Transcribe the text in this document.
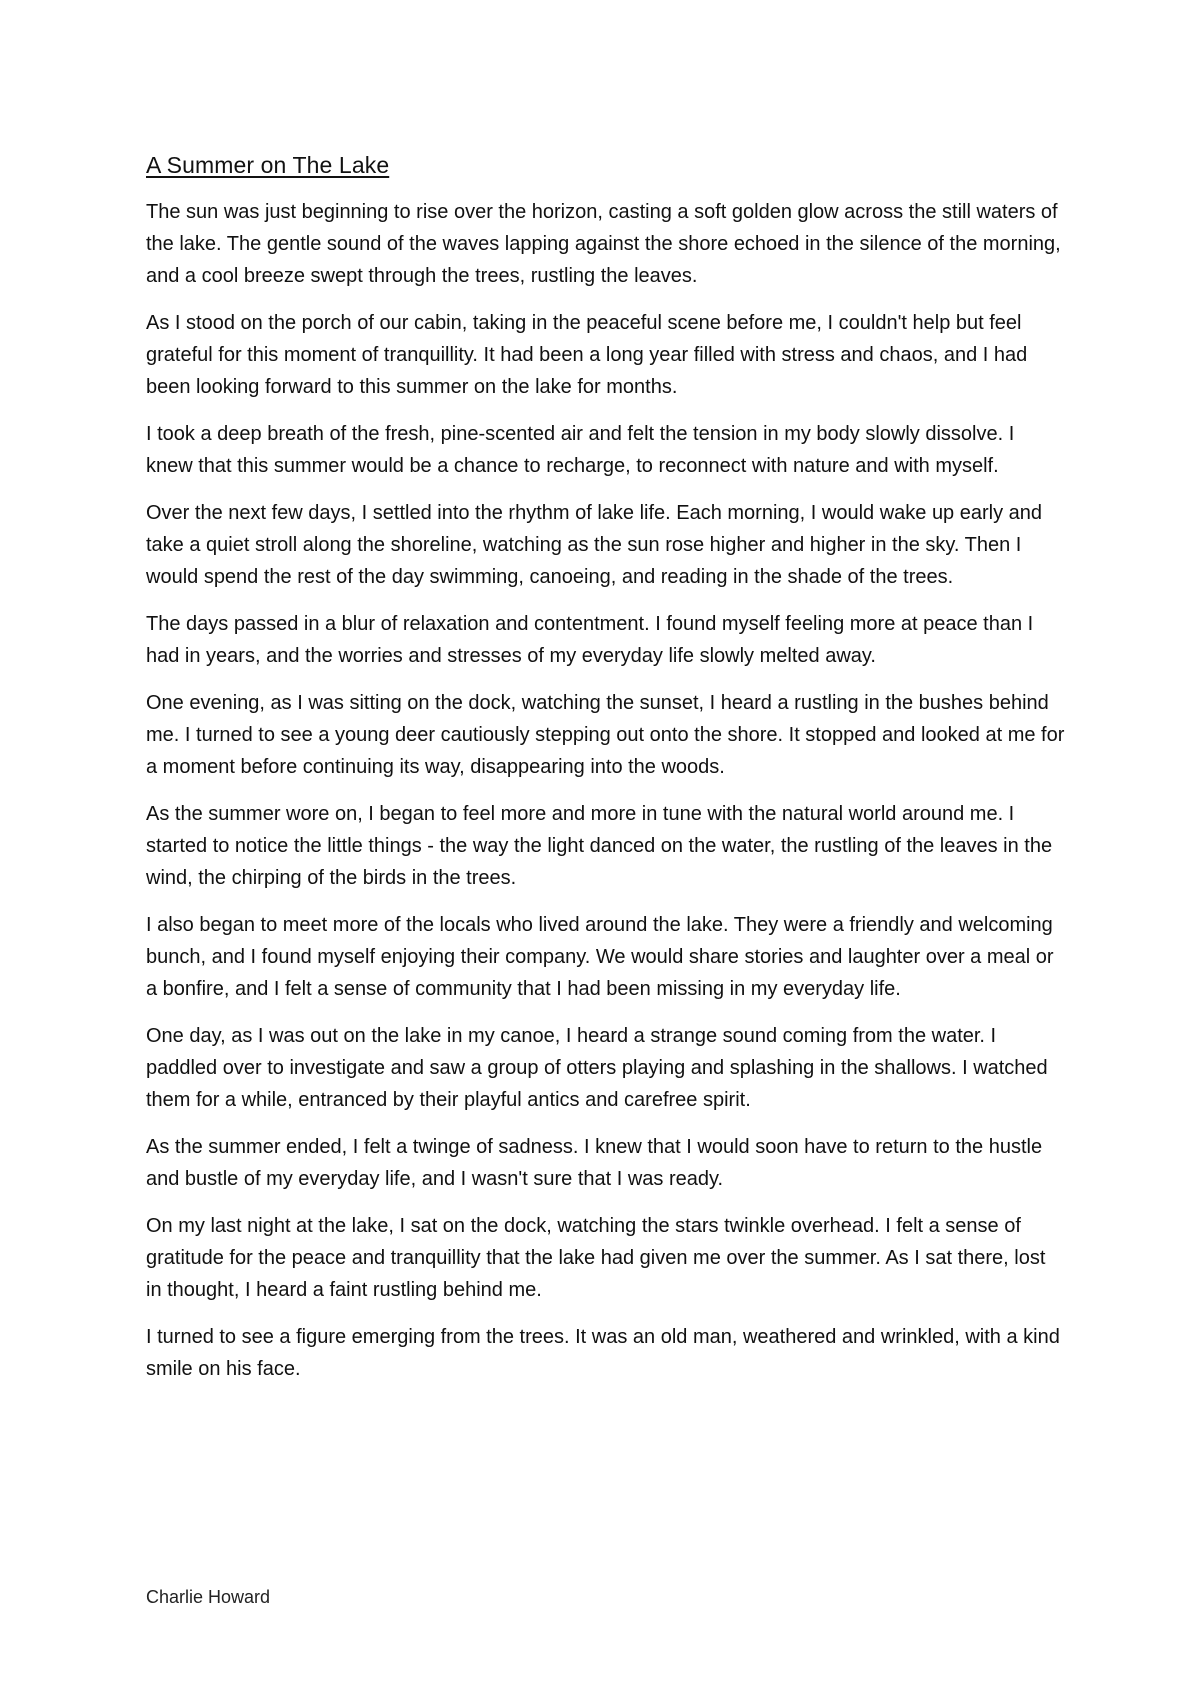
A Summer on The Lake

The sun was just beginning to rise over the horizon, casting a soft golden glow across the still waters of the lake. The gentle sound of the waves lapping against the shore echoed in the silence of the morning, and a cool breeze swept through the trees, rustling the leaves.

As I stood on the porch of our cabin, taking in the peaceful scene before me, I couldn't help but feel grateful for this moment of tranquillity. It had been a long year filled with stress and chaos, and I had been looking forward to this summer on the lake for months.

I took a deep breath of the fresh, pine-scented air and felt the tension in my body slowly dissolve. I knew that this summer would be a chance to recharge, to reconnect with nature and with myself.

Over the next few days, I settled into the rhythm of lake life. Each morning, I would wake up early and take a quiet stroll along the shoreline, watching as the sun rose higher and higher in the sky. Then I would spend the rest of the day swimming, canoeing, and reading in the shade of the trees.

The days passed in a blur of relaxation and contentment. I found myself feeling more at peace than I had in years, and the worries and stresses of my everyday life slowly melted away.

One evening, as I was sitting on the dock, watching the sunset, I heard a rustling in the bushes behind me. I turned to see a young deer cautiously stepping out onto the shore. It stopped and looked at me for a moment before continuing its way, disappearing into the woods.

As the summer wore on, I began to feel more and more in tune with the natural world around me. I started to notice the little things - the way the light danced on the water, the rustling of the leaves in the wind, the chirping of the birds in the trees.

I also began to meet more of the locals who lived around the lake. They were a friendly and welcoming bunch, and I found myself enjoying their company. We would share stories and laughter over a meal or a bonfire, and I felt a sense of community that I had been missing in my everyday life.

One day, as I was out on the lake in my canoe, I heard a strange sound coming from the water. I paddled over to investigate and saw a group of otters playing and splashing in the shallows. I watched them for a while, entranced by their playful antics and carefree spirit.

As the summer ended, I felt a twinge of sadness. I knew that I would soon have to return to the hustle and bustle of my everyday life, and I wasn't sure that I was ready.

On my last night at the lake, I sat on the dock, watching the stars twinkle overhead. I felt a sense of gratitude for the peace and tranquillity that the lake had given me over the summer. As I sat there, lost in thought, I heard a faint rustling behind me.

I turned to see a figure emerging from the trees. It was an old man, weathered and wrinkled, with a kind smile on his face.

Charlie Howard
